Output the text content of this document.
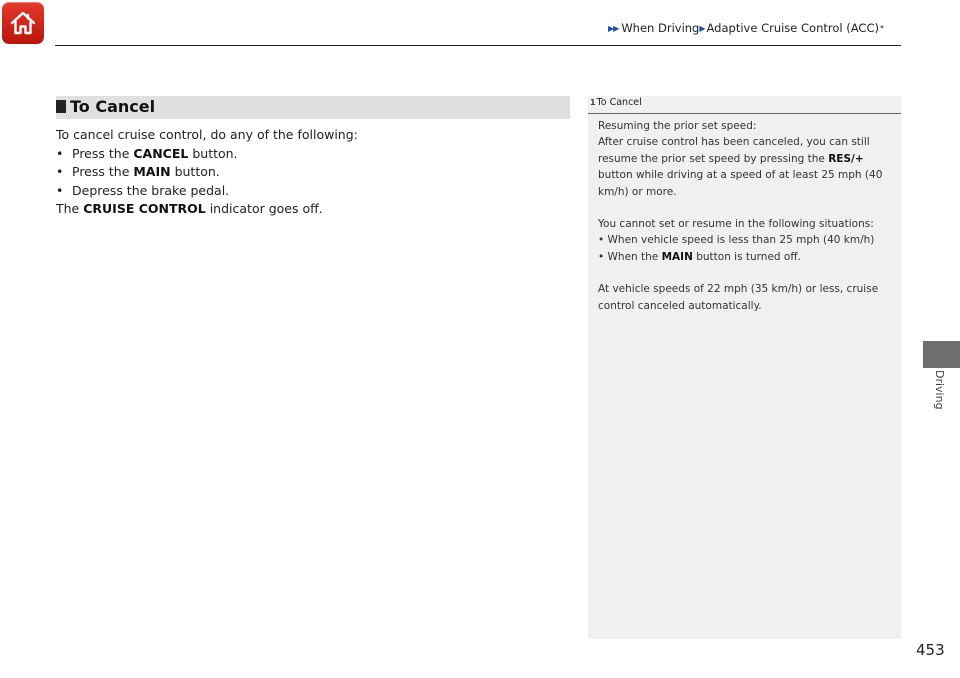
▶▶ When Driving ▶ Adaptive Cruise Control (ACC) *
To Cancel

To cancel cruise control, do any of the following:

• Press the CANCEL button.
• Press the MAIN button.
• Depress the brake pedal.

The CRUISE CONTROL indicator goes off.

1 To Cancel

Resuming the prior set speed:

After cruise control has been canceled, you can still resume the prior set speed by pressing the RES/+ button while driving at a speed of at least 25 mph (40 km/h) or more.

You cannot set or resume in the following situations:

• When vehicle speed is less than 25 mph (40 km/h)

• When the MAIN button is turned off.

At vehicle speeds of 22 mph (35 km/h) or less, cruise control canceled automatically.

Driving
453
